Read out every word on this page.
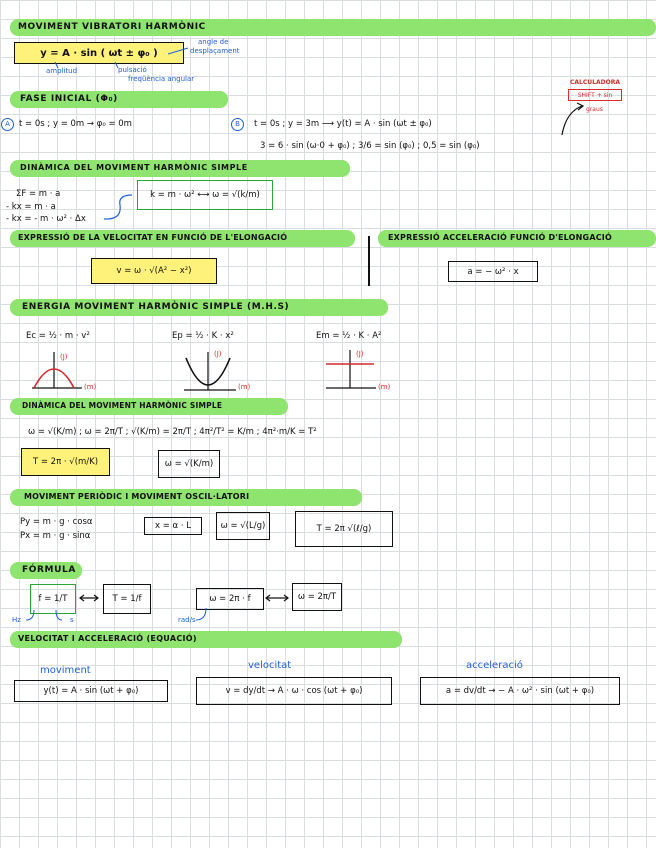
MOVIMENT VIBRATORI HARMÒNIC
y = A · sin ( ωt ± φ₀ )
amplitud	pulsació
freqüència angular
angle de
desplaçament
CALCULADORA
SHIFT + sin
graus
FASE INICIAL (Φ₀)
A	t = 0s ; y = 0m → φ₀ = 0m	B	t = 0s ; y = 3m ⟶ y(t) = A · sin (ωt ± φ₀)
3 = 6 · sin (ω·0 + φ₀) ; 3/6 = sin (φ₀) ; 0,5 = sin (φ₀)
DINÀMICA DEL MOVIMENT HARMÒNIC SIMPLE
ΣF = m · a
- kx = m · a
- kx = - m · ω² · Δx
k = m · ω² ⟷ ω = √(k/m)
EXPRESSIÓ DE LA VELOCITAT EN FUNCIÓ DE L'ELONGACIÓ	EXPRESSIÓ ACCELERACIÓ FUNCIÓ D'ELONGACIÓ
v = ω · √(A² − x²)	a = − ω² · x
ENERGIA MOVIMENT HARMÒNIC SIMPLE (M.H.S)
Ec = ½ · m · v²	Ep = ½ · K · x²	Em = ½ · K · A²
(J)
(m)
(J)
(m)
(J)
(m)
DINÀMICA DEL MOVIMENT HARMÒNIC SIMPLE
ω = √(K/m) ; ω = 2π/T ; √(K/m) = 2π/T ; 4π²/T² = K/m ; 4π²·m/K = T²
T = 2π · √(m/K)	ω = √(K/m)
MOVIMENT PERIÒDIC I MOVIMENT OSCIL·LATORI
Py = m · g · cosα
Px = m · g · sinα
x = α · L	ω = √(L/g)	T = 2π √(ℓ/g)
FÓRMULA
f = 1/T	T = 1/f	ω = 2π · f	ω = 2π/T
Hz	s	rad/s
VELOCITAT I ACCELERACIÓ (EQUACIÓ)
moviment	velocitat	acceleració
y(t) = A · sin (ωt + φ₀)	v = dy/dt → A · ω · cos (ωt + φ₀)	a = dv/dt → − A · ω² · sin (ωt + φ₀)
